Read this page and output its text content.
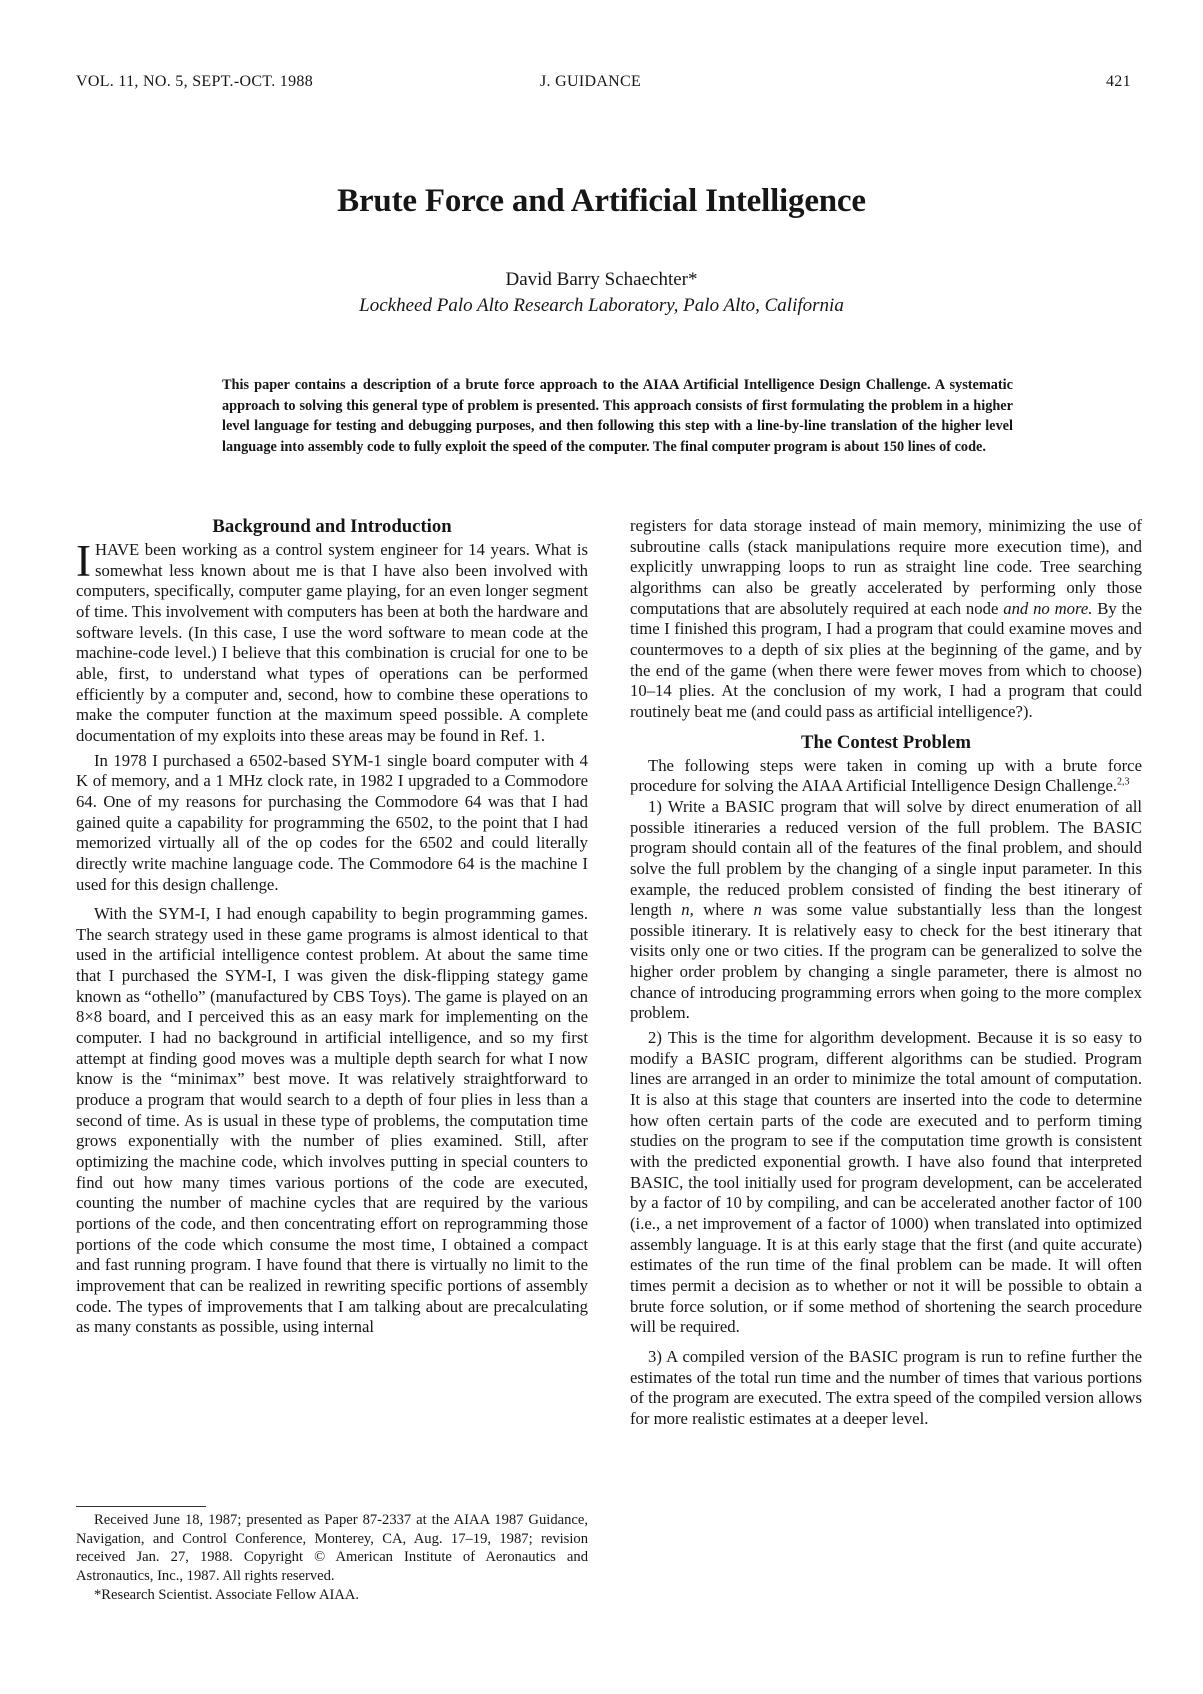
VOL. 11, NO. 5, SEPT.-OCT. 1988	J. GUIDANCE	421
Brute Force and Artificial Intelligence
David Barry Schaechter*
Lockheed Palo Alto Research Laboratory, Palo Alto, California
This paper contains a description of a brute force approach to the AIAA Artificial Intelligence Design Challenge. A systematic approach to solving this general type of problem is presented. This approach consists of first formulating the problem in a higher level language for testing and debugging purposes, and then following this step with a line-by-line translation of the higher level language into assembly code to fully exploit the speed of the computer. The final computer program is about 150 lines of code.
Background and Introduction

IHAVE been working as a control system engineer for 14 years. What is somewhat less known about me is that I have also been involved with computers, specifically, computer game playing, for an even longer segment of time. This involvement with computers has been at both the hardware and software levels. (In this case, I use the word software to mean code at the machine-code level.) I believe that this combination is crucial for one to be able, first, to understand what types of operations can be performed efficiently by a computer and, second, how to combine these operations to make the computer function at the maximum speed possible. A complete documentation of my exploits into these areas may be found in Ref. 1.

In 1978 I purchased a 6502-based SYM-1 single board computer with 4 K of memory, and a 1 MHz clock rate, in 1982 I upgraded to a Commodore 64. One of my reasons for purchasing the Commodore 64 was that I had gained quite a capability for programming the 6502, to the point that I had memorized virtually all of the op codes for the 6502 and could literally directly write machine language code. The Commodore 64 is the machine I used for this design challenge.

With the SYM-I, I had enough capability to begin programming games. The search strategy used in these game programs is almost identical to that used in the artificial intelligence contest problem. At about the same time that I purchased the SYM-I, I was given the disk-flipping stategy game known as “othello” (manufactured by CBS Toys). The game is played on an 8×8 board, and I perceived this as an easy mark for implementing on the computer. I had no background in artificial intelligence, and so my first attempt at finding good moves was a multiple depth search for what I now know is the “minimax” best move. It was relatively straightforward to produce a program that would search to a depth of four plies in less than a second of time. As is usual in these type of problems, the computation time grows exponentially with the number of plies examined. Still, after optimizing the machine code, which involves putting in special counters to find out how many times various portions of the code are executed, counting the number of machine cycles that are required by the various portions of the code, and then concentrating effort on reprogramming those portions of the code which consume the most time, I obtained a compact and fast running program. I have found that there is virtually no limit to the improvement that can be realized in rewriting specific portions of assembly code. The types of improvements that I am talking about are precalculating as many constants as possible, using internal

Received June 18, 1987; presented as Paper 87-2337 at the AIAA 1987 Guidance, Navigation, and Control Conference, Monterey, CA, Aug. 17–19, 1987; revision received Jan. 27, 1988. Copyright © American Institute of Aeronautics and Astronautics, Inc., 1987. All rights reserved.

*Research Scientist. Associate Fellow AIAA.

registers for data storage instead of main memory, minimizing the use of subroutine calls (stack manipulations require more execution time), and explicitly unwrapping loops to run as straight line code. Tree searching algorithms can also be greatly accelerated by performing only those computations that are absolutely required at each node and no more. By the time I finished this program, I had a program that could examine moves and countermoves to a depth of six plies at the beginning of the game, and by the end of the game (when there were fewer moves from which to choose) 10–14 plies. At the conclusion of my work, I had a program that could routinely beat me (and could pass as artificial intelligence?).

The Contest Problem

The following steps were taken in coming up with a brute force procedure for solving the AIAA Artificial Intelligence Design Challenge.$^{2,3}$

1) Write a BASIC program that will solve by direct enumeration of all possible itineraries a reduced version of the full problem. The BASIC program should contain all of the features of the final problem, and should solve the full problem by the changing of a single input parameter. In this example, the reduced problem consisted of finding the best itinerary of length n, where n was some value substantially less than the longest possible itinerary. It is relatively easy to check for the best itinerary that visits only one or two cities. If the program can be generalized to solve the higher order problem by changing a single parameter, there is almost no chance of introducing programming errors when going to the more complex problem.

2) This is the time for algorithm development. Because it is so easy to modify a BASIC program, different algorithms can be studied. Program lines are arranged in an order to minimize the total amount of computation. It is also at this stage that counters are inserted into the code to determine how often certain parts of the code are executed and to perform timing studies on the program to see if the computation time growth is consistent with the predicted exponential growth. I have also found that interpreted BASIC, the tool initially used for program development, can be accelerated by a factor of 10 by compiling, and can be accelerated another factor of 100 (i.e., a net improvement of a factor of 1000) when translated into optimized assembly language. It is at this early stage that the first (and quite accurate) estimates of the run time of the final problem can be made. It will often times permit a decision as to whether or not it will be possible to obtain a brute force solution, or if some method of shortening the search procedure will be required.

3) A compiled version of the BASIC program is run to refine further the estimates of the total run time and the number of times that various portions of the program are executed. The extra speed of the compiled version allows for more realistic estimates at a deeper level.
